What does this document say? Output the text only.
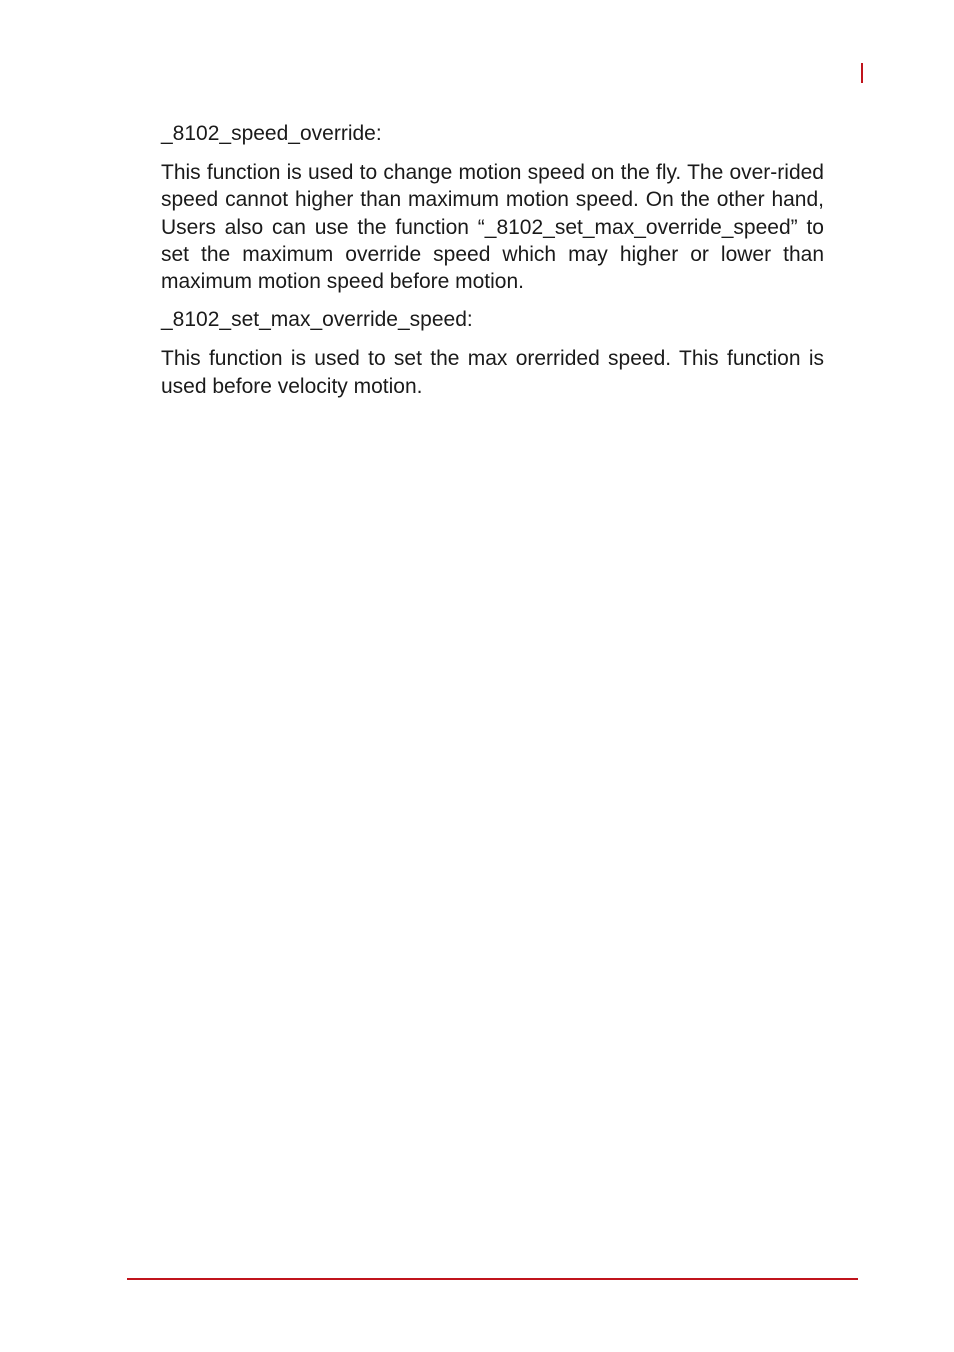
_8102_speed_override:

This function is used to change motion speed on the fly. The over-rided speed cannot higher than maximum motion speed. On the other hand, Users also can use the function “_8102_set_max_override_speed” to set the maximum override speed which may higher or lower than maximum motion speed before motion.

_8102_set_max_override_speed:

This function is used to set the max orerrided speed. This function is used before velocity motion.
